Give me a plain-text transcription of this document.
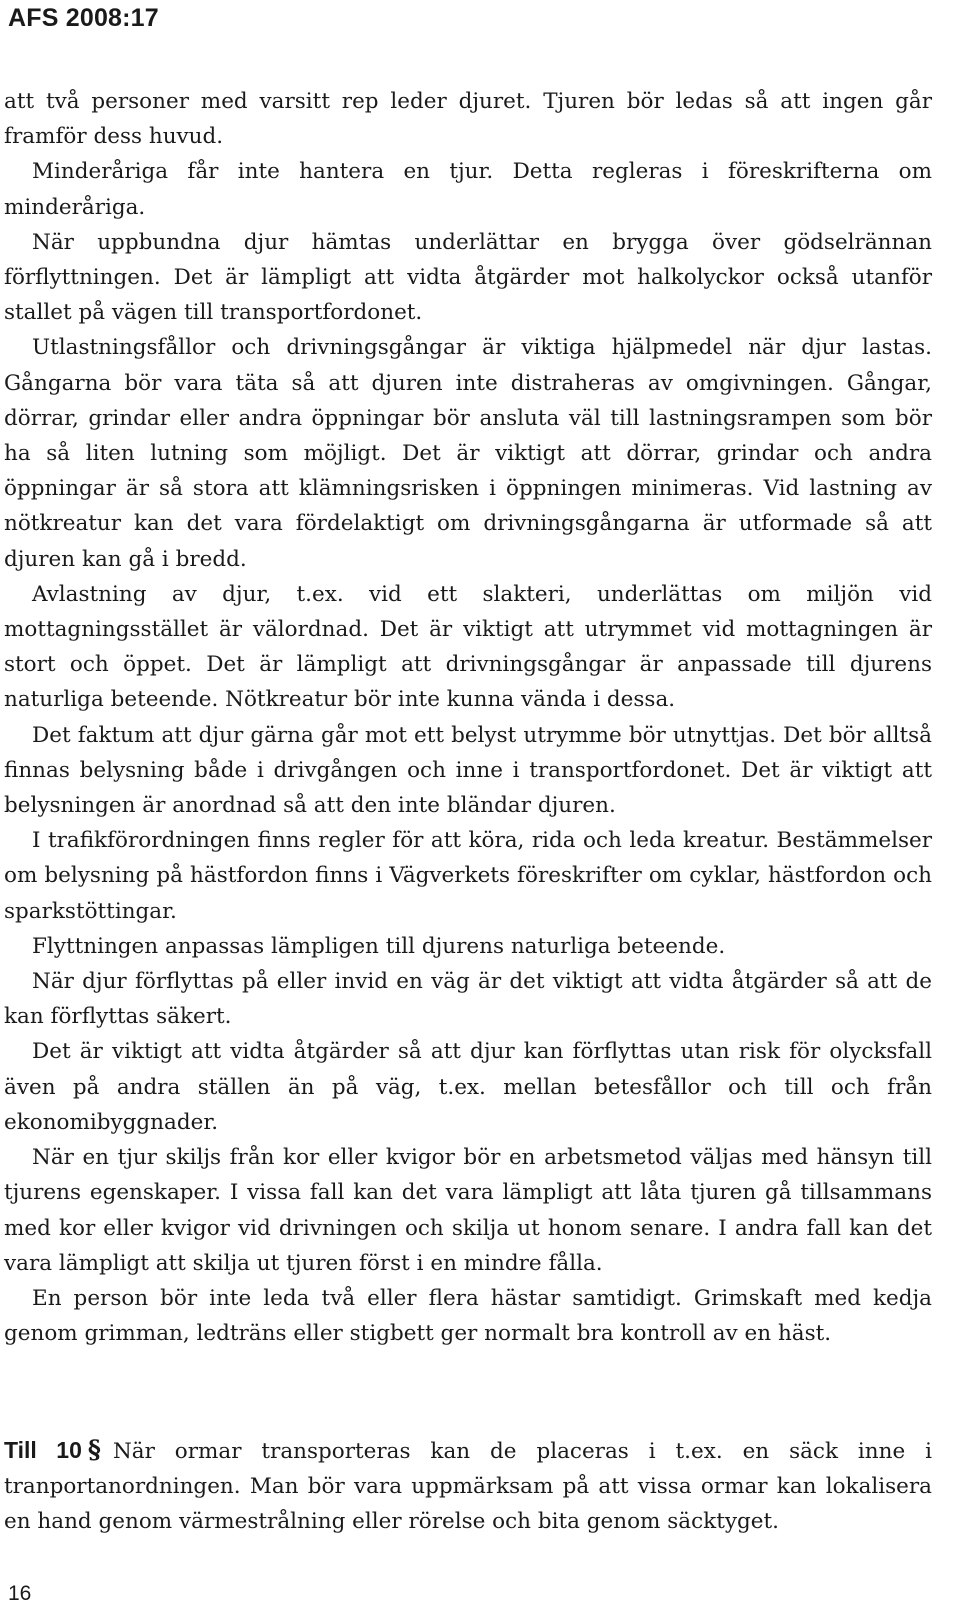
AFS 2008:17

att två personer med varsitt rep leder djuret. Tjuren bör ledas så att ingen går framför dess huvud.

Minderåriga får inte hantera en tjur. Detta regleras i föreskrifterna om minderåriga.

När uppbundna djur hämtas underlättar en brygga över gödselrännan förflyttningen. Det är lämpligt att vidta åtgärder mot halkolyckor också utanför stallet på vägen till transportfordonet.

Utlastningsfållor och drivningsgångar är viktiga hjälpmedel när djur lastas. Gångarna bör vara täta så att djuren inte distraheras av omgivningen. Gångar, dörrar, grindar eller andra öppningar bör ansluta väl till lastningsrampen som bör ha så liten lutning som möjligt. Det är viktigt att dörrar, grindar och andra öppningar är så stora att klämningsrisken i öppningen minimeras. Vid lastning av nötkreatur kan det vara fördelaktigt om drivningsgångarna är utformade så att djuren kan gå i bredd.

Avlastning av djur, t.ex. vid ett slakteri, underlättas om miljön vid mottagningsstället är välordnad. Det är viktigt att utrymmet vid mottagningen är stort och öppet. Det är lämpligt att drivningsgångar är anpassade till djurens naturliga beteende. Nötkreatur bör inte kunna vända i dessa.

Det faktum att djur gärna går mot ett belyst utrymme bör utnyttjas. Det bör alltså finnas belysning både i drivgången och inne i transportfordonet. Det är viktigt att belysningen är anordnad så att den inte bländar djuren.

I trafikförordningen finns regler för att köra, rida och leda kreatur. Bestämmelser om belysning på hästfordon finns i Vägverkets föreskrifter om cyklar, hästfordon och sparkstöttingar.

Flyttningen anpassas lämpligen till djurens naturliga beteende.

När djur förflyttas på eller invid en väg är det viktigt att vidta åtgärder så att de kan förflyttas säkert.

Det är viktigt att vidta åtgärder så att djur kan förflyttas utan risk för olycksfall även på andra ställen än på väg, t.ex. mellan betesfållor och till och från ekonomibyggnader.

När en tjur skiljs från kor eller kvigor bör en arbetsmetod väljas med hänsyn till tjurens egenskaper. I vissa fall kan det vara lämpligt att låta tjuren gå tillsammans med kor eller kvigor vid drivningen och skilja ut honom senare. I andra fall kan det vara lämpligt att skilja ut tjuren först i en mindre fålla.

En person bör inte leda två eller flera hästar samtidigt. Grimskaft med kedja genom grimman, ledträns eller stigbett ger normalt bra kontroll av en häst.

Till 10 § När ormar transporteras kan de placeras i t.ex. en säck inne i tranportanordningen. Man bör vara uppmärksam på att vissa ormar kan lokalisera en hand genom värmestrålning eller rörelse och bita genom säcktyget.
16
